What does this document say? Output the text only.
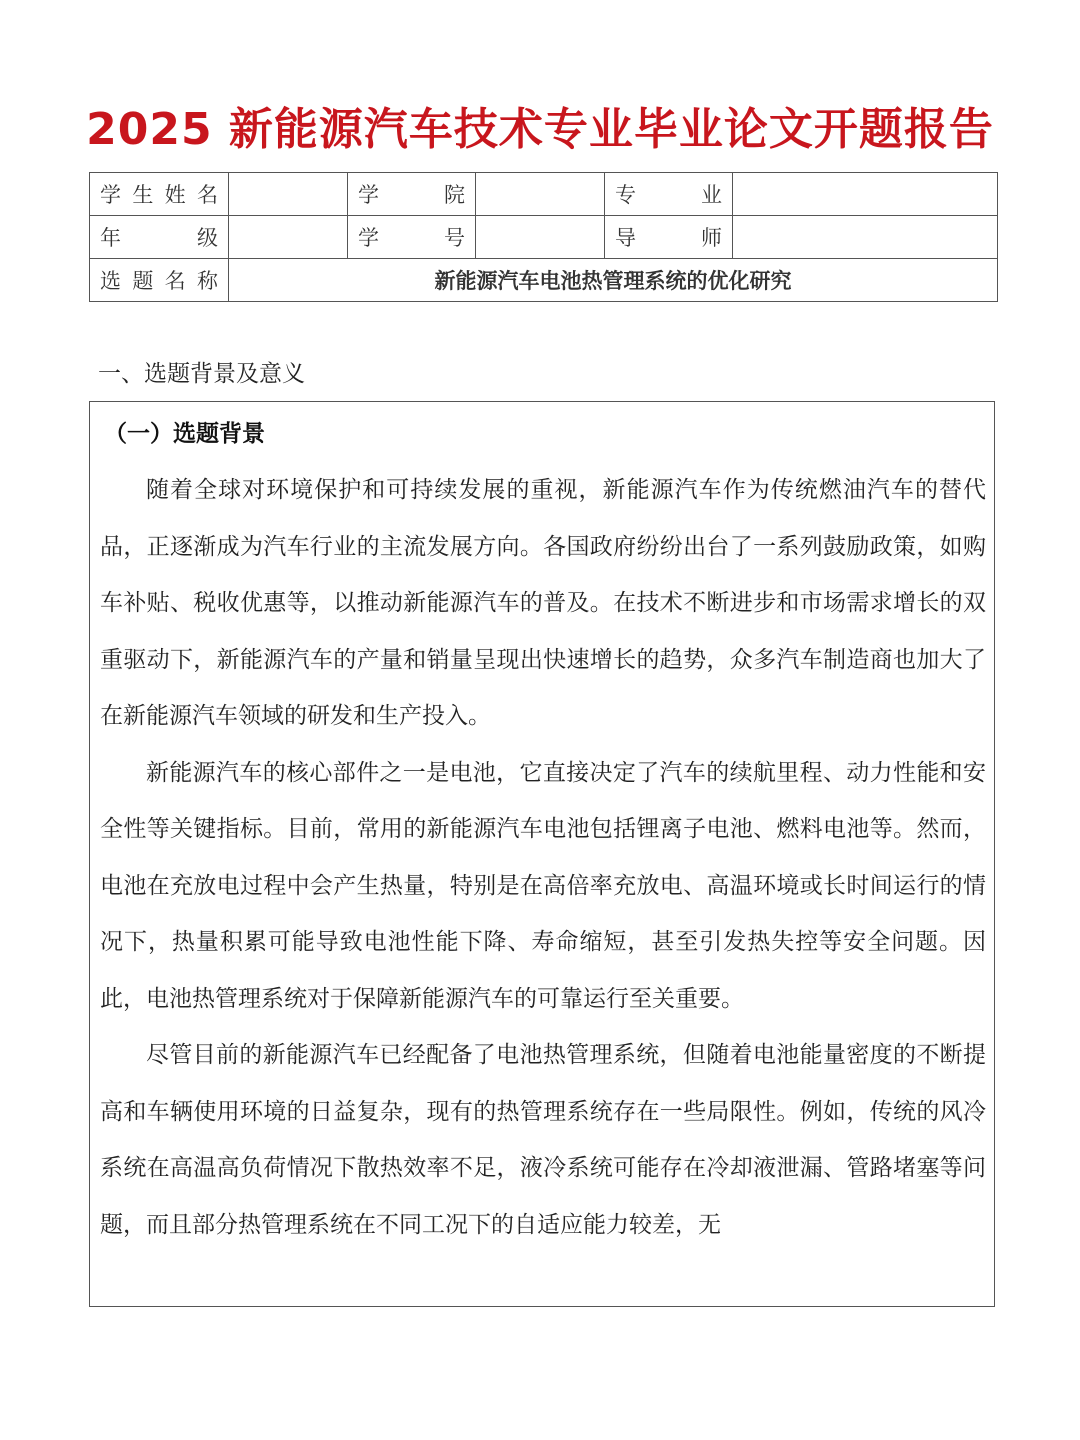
2025 新能源汽车技术专业毕业论文开题报告
学生姓名		学院		专业	
年级		学号		导师	
选题名称	新能源汽车电池热管理系统的优化研究				
一、选题背景及意义
（一）选题背景

随着全球对环境保护和可持续发展的重视，新能源汽车作为传统燃油汽车的替代品，正逐渐成为汽车行业的主流发展方向。各国政府纷纷出台了一系列鼓励政策，如购车补贴、税收优惠等，以推动新能源汽车的普及。在技术不断进步和市场需求增长的双重驱动下，新能源汽车的产量和销量呈现出快速增长的趋势，众多汽车制造商也加大了在新能源汽车领域的研发和生产投入。

新能源汽车的核心部件之一是电池，它直接决定了汽车的续航里程、动力性能和安全性等关键指标。目前，常用的新能源汽车电池包括锂离子电池、燃料电池等。然而，电池在充放电过程中会产生热量，特别是在高倍率充放电、高温环境或长时间运行的情况下，热量积累可能导致电池性能下降、寿命缩短，甚至引发热失控等安全问题。因此，电池热管理系统对于保障新能源汽车的可靠运行至关重要。

尽管目前的新能源汽车已经配备了电池热管理系统，但随着电池能量密度的不断提高和车辆使用环境的日益复杂，现有的热管理系统存在一些局限性。例如，传统的风冷系统在高温高负荷情况下散热效率不足，液冷系统可能存在冷却液泄漏、管路堵塞等问题，而且部分热管理系统在不同工况下的自适应能力较差，无
